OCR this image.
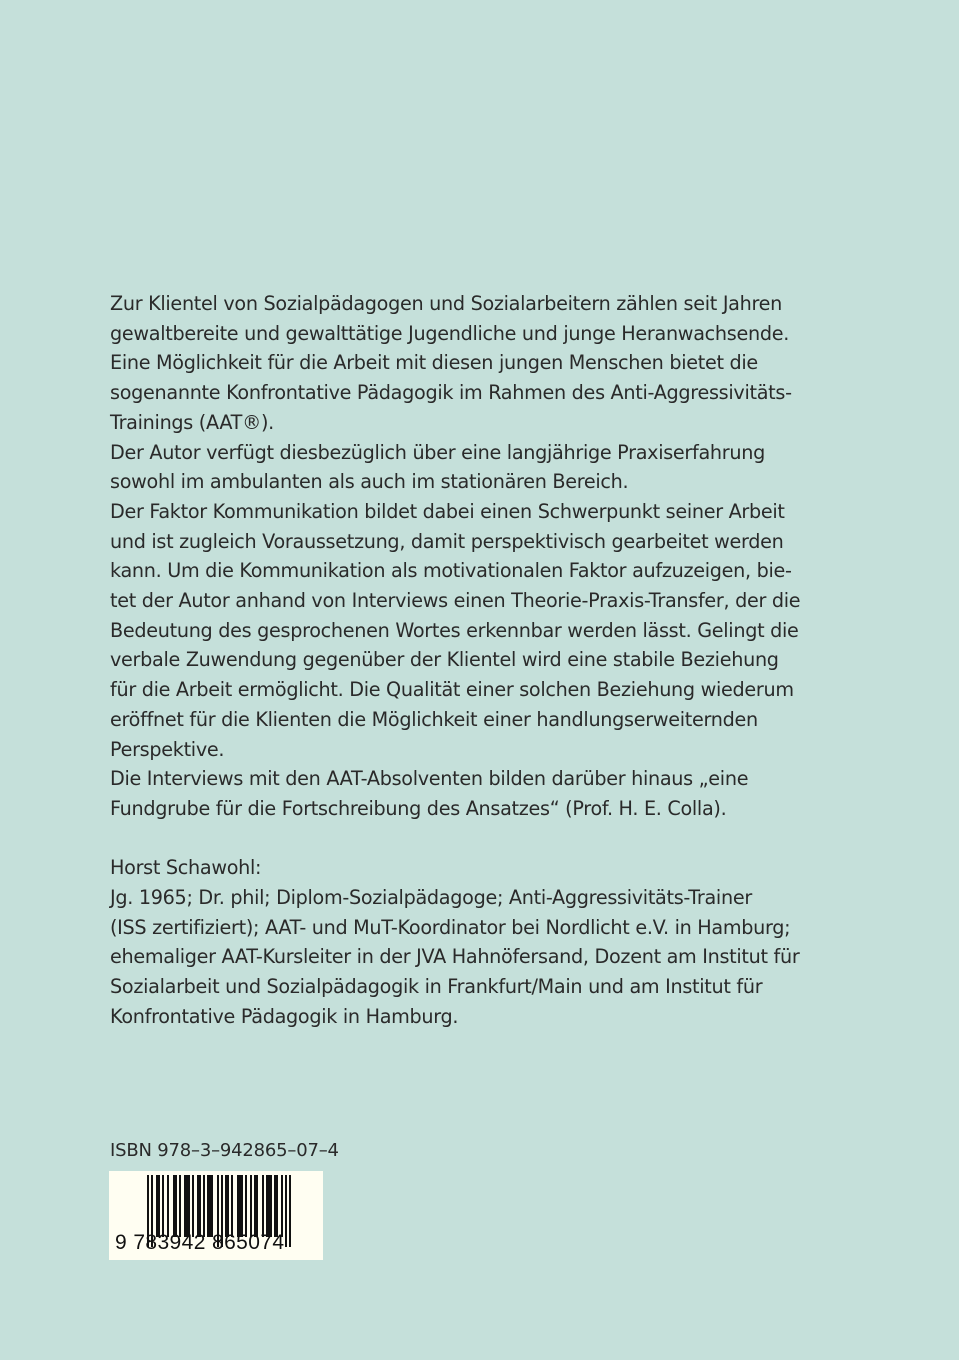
Zur Klientel von Sozialpädagogen und Sozialarbeitern zählen seit Jahren
gewaltbereite und gewalttätige Jugendliche und junge Heranwachsende.
Eine Möglichkeit für die Arbeit mit diesen jungen Menschen bietet die
sogenannte Konfrontative Pädagogik im Rahmen des Anti-Aggressivitäts-
Trainings (AAT®).
Der Autor verfügt diesbezüglich über eine langjährige Praxiserfahrung
sowohl im ambulanten als auch im stationären Bereich.
Der Faktor Kommunikation bildet dabei einen Schwerpunkt seiner Arbeit
und ist zugleich Voraussetzung, damit perspektivisch gearbeitet werden
kann. Um die Kommunikation als motivationalen Faktor aufzuzeigen, bie-
tet der Autor anhand von Interviews einen Theorie-Praxis-Transfer, der die
Bedeutung des gesprochenen Wortes erkennbar werden lässt. Gelingt die
verbale Zuwendung gegenüber der Klientel wird eine stabile Beziehung
für die Arbeit ermöglicht. Die Qualität einer solchen Beziehung wiederum
eröffnet für die Klienten die Möglichkeit einer handlungserweiternden
Perspektive.
Die Interviews mit den AAT-Absolventen bilden darüber hinaus „eine
Fundgrube für die Fortschreibung des Ansatzes“ (Prof. H. E. Colla).
Horst Schawohl:
Jg. 1965; Dr. phil; Diplom-Sozialpädagoge; Anti-Aggressivitäts-Trainer
(ISS zertifiziert); AAT- und MuT-Koordinator bei Nordlicht e.V. in Hamburg;
ehemaliger AAT-Kursleiter in der JVA Hahnöfersand, Dozent am Institut für
Sozialarbeit und Sozialpädagogik in Frankfurt/Main und am Institut für
Konfrontative Pädagogik in Hamburg.
ISBN 978–3–942865–07–4
9 783942 865074
